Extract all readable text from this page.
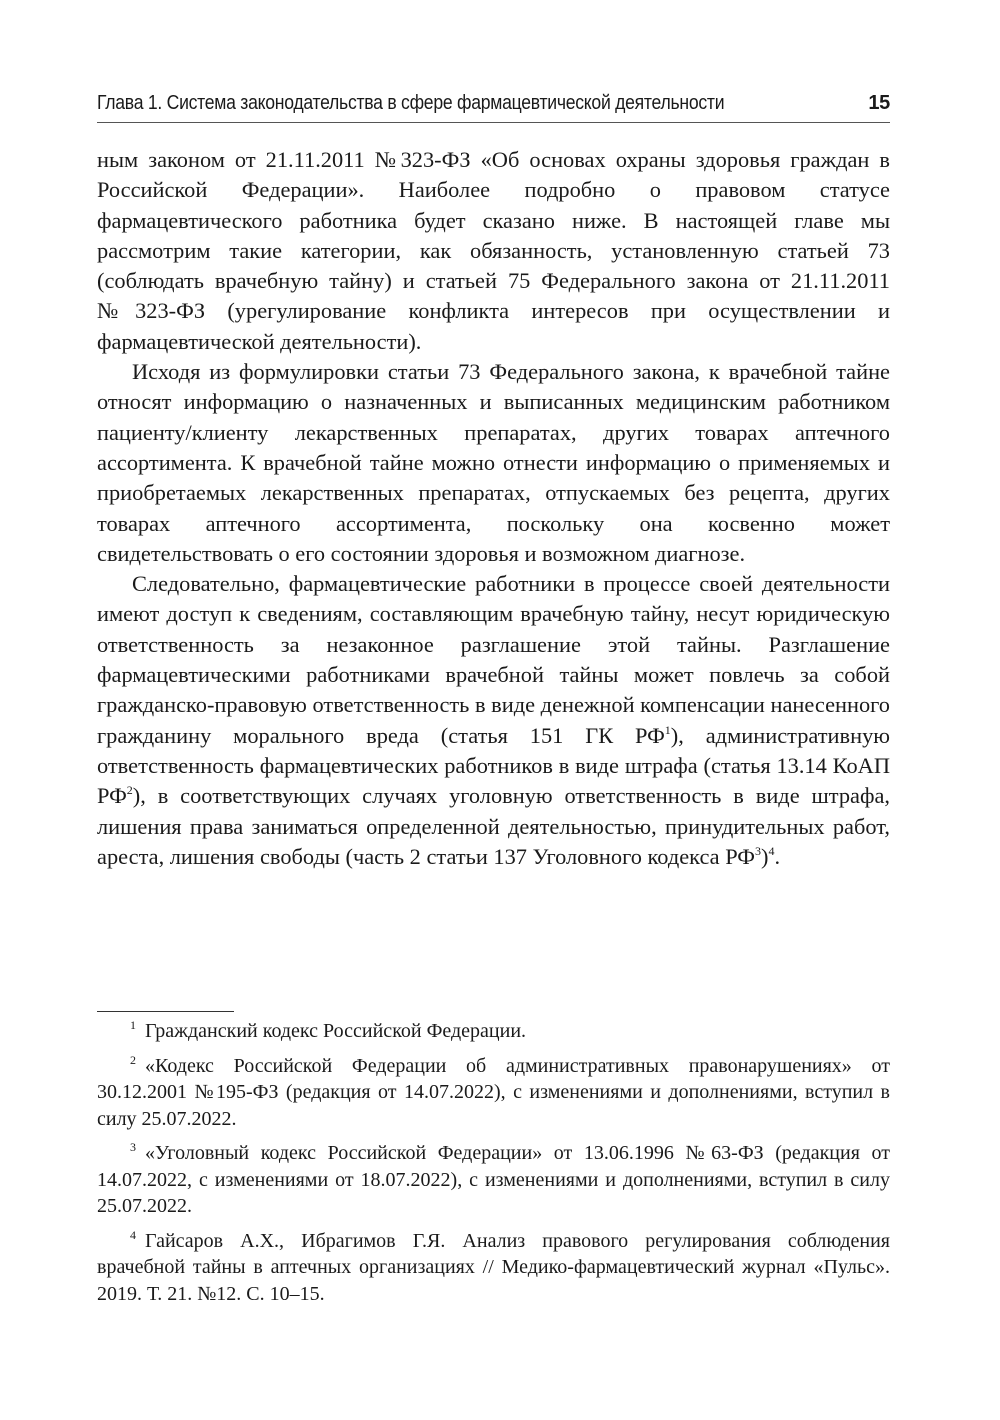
Глава 1. Система законодательства в сфере фармацевтической деятельности	15

ным законом от 21.11.2011 №323-ФЗ «Об основах охраны здоровья граждан в Российской Федерации». Наиболее подробно о правовом статусе фармацевтического работника будет сказано ниже. В настоящей главе мы рассмотрим такие категории, как обязанность, установленную статьей 73 (соблюдать врачебную тайну) и статьей 75 Федерального закона от 21.11.2011 №323-ФЗ (урегулирование конфликта интересов при осуществлении и фармацевтической деятельности).

Исходя из формулировки статьи 73 Федерального закона, к врачебной тайне относят информацию о назначенных и выписанных медицинским работником пациенту/клиенту лекарственных препаратах, других товарах аптечного ассортимента. К врачебной тайне можно отнести информацию о применяемых и приобретаемых лекарственных препаратах, отпускаемых без рецепта, других товарах аптечного ассортимента, поскольку она косвенно может свидетельствовать о его состоянии здоровья и возможном диагнозе.

Следовательно, фармацевтические работники в процессе своей деятельности имеют доступ к сведениям, составляющим врачебную тайну, несут юридическую ответственность за незаконное разглашение этой тайны. Разглашение фармацевтическими работниками врачебной тайны может повлечь за собой гражданско-правовую ответственность в виде денежной компенсации нанесенного гражданину морального вреда (статья 151 ГК $РФ^1$), административную ответственность фармацевтических работников в виде штрафа (статья 13.14 КоАП $РФ^2$), в соответствующих случаях уголовную ответственность в виде штрафа, лишения права заниматься определенной деятельностью, принудительных работ, ареста, лишения свободы (часть 2 статьи 137 Уголовного кодекса $РФ^3)^4$.

$^1$ Гражданский кодекс Российской Федерации.

$^2$ «Кодекс Российской Федерации об административных правонарушениях» от 30.12.2001 №195-ФЗ (редакция от 14.07.2022), с изменениями и дополнениями, вступил в силу 25.07.2022.

$^3$ «Уголовный кодекс Российской Федерации» от 13.06.1996 №63-ФЗ (редакция от 14.07.2022, с изменениями от 18.07.2022), с изменениями и дополнениями, вступил в силу 25.07.2022.

$^4$ Гайсаров А.Х., Ибрагимов Г.Я. Анализ правового регулирования соблюдения врачебной тайны в аптечных организациях // Медико-фармацевтический журнал «Пульс». 2019. Т. 21. №12. С. 10–15.
